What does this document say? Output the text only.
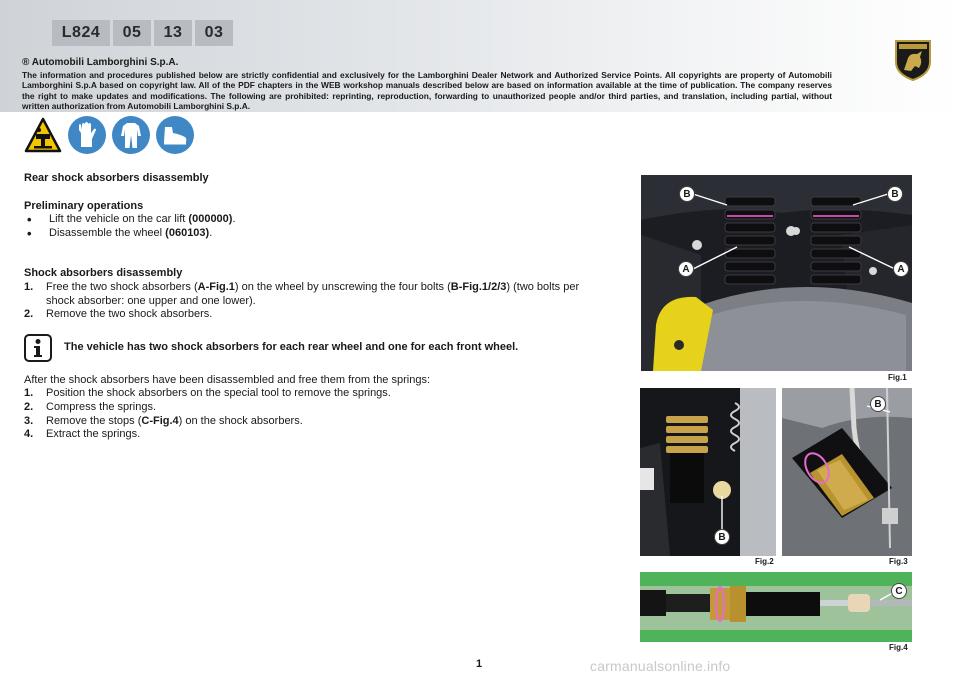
L824	05	13	03
® Automobili Lamborghini S.p.A.
The information and procedures published below are strictly confidential and exclusively for the Lamborghini Dealer Network and Authorized Service Points. All copyrights are property of Automobili Lamborghini S.p.A based on copyright law. All of the PDF chapters in the WEB workshop manuals described below are based on information available at the time of publication. The company reserves the right to make updates and modifications. The following are prohibited: reprinting, reproduction, forwarding to unauthorized people and/or third parties, and translation, including partial, without written authorization from Automobili Lamborghini S.p.A.
Rear shock absorbers disassembly
Preliminary operations
•	Lift the vehicle on the car lift (000000).
•	Disassemble the wheel (060103).
Shock absorbers disassembly
1.	Free the two shock absorbers (A-Fig.1) on the wheel by unscrewing the four bolts (B-Fig.1/2/3) (two bolts per shock absorber: one upper and one lower).
2.	Remove the two shock absorbers.
The vehicle has two shock absorbers for each rear wheel and one for each front wheel.
After the shock absorbers have been disassembled and free them from the springs:
1.	Position the shock absorbers on the special tool to remove the springs.
2.	Compress the springs.
3.	Remove the stops (C-Fig.4) on the shock absorbers.
4.	Extract the springs.
B	B
A	A
Fig.1
B
Fig.2
B
Fig.3
C
Fig.4
1	carmanualsonline.info
